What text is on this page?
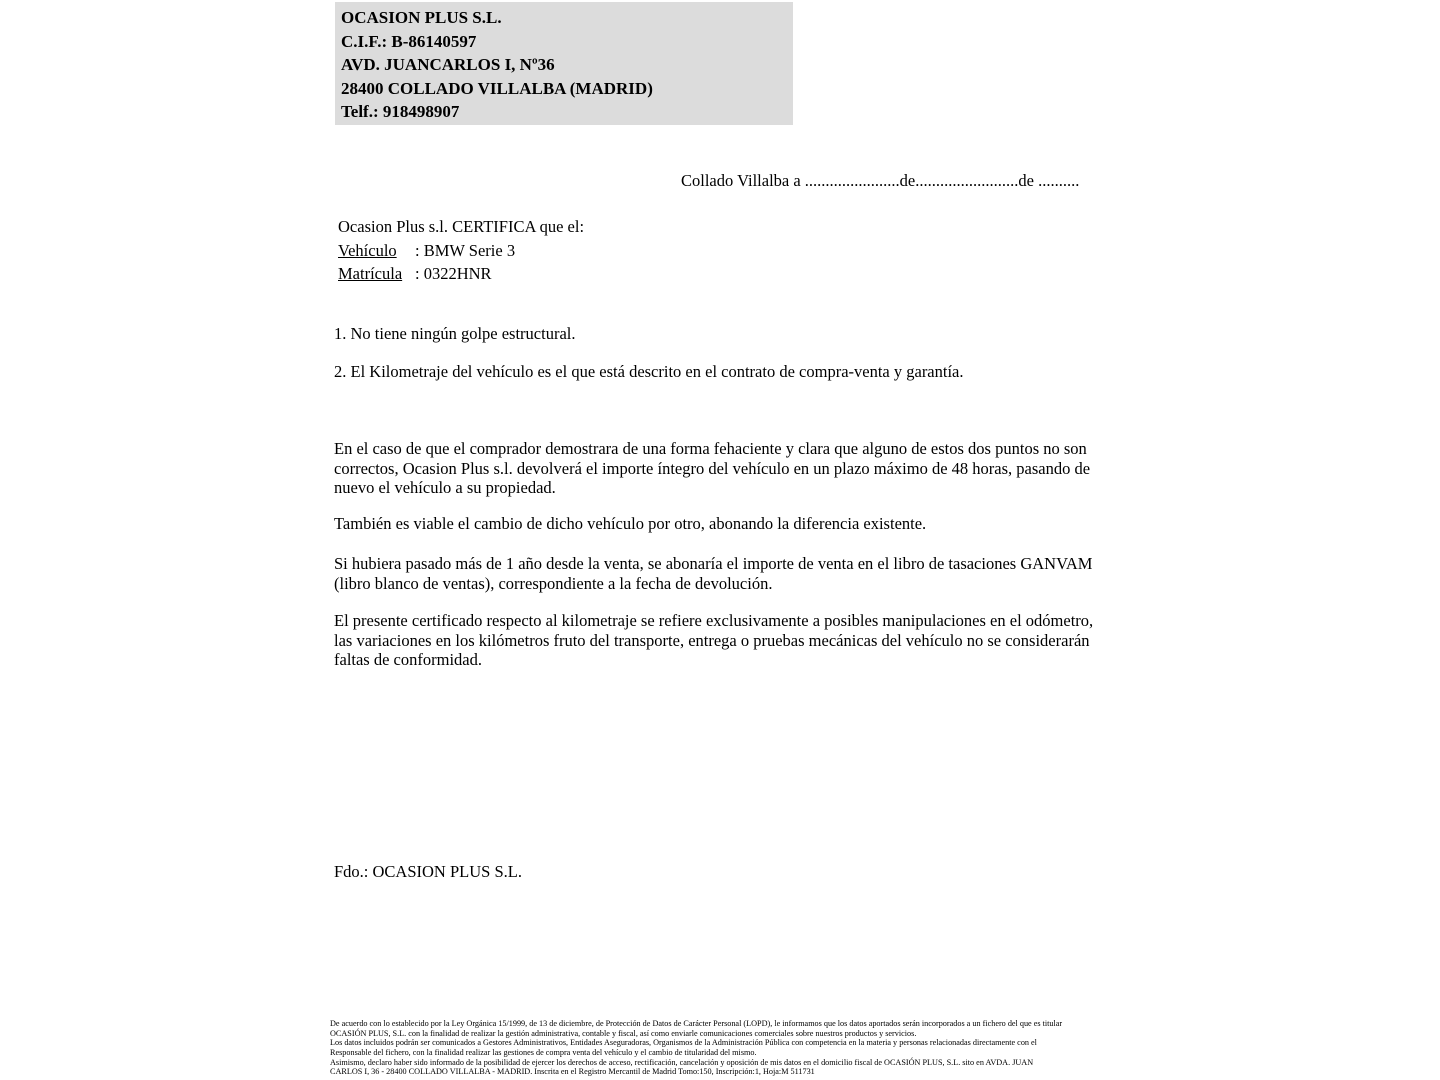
OCASION PLUS S.L.
C.I.F.: B-86140597
AVD. JUANCARLOS I, Nº36
28400 COLLADO VILLALBA (MADRID)
Telf.: 918498907
Collado Villalba a .......................de.........................de ..........
Ocasion Plus s.l. CERTIFICA que el:
Vehículo : BMW Serie 3
Matrícula : 0322HNR
1. No tiene ningún golpe estructural.
2. El Kilometraje del vehículo es el que está descrito en el contrato de compra-venta y garantía.
En el caso de que el comprador demostrara de una forma fehaciente y clara que alguno de estos dos puntos no son correctos, Ocasion Plus s.l. devolverá el importe íntegro del vehículo en un plazo máximo de 48 horas, pasando de nuevo el vehículo a su propiedad.
También es viable el cambio de dicho vehículo por otro, abonando la diferencia existente.
Si hubiera pasado más de 1 año desde la venta, se abonaría el importe de venta en el libro de tasaciones GANVAM (libro blanco de ventas), correspondiente a la fecha de devolución.
El presente certificado respecto al kilometraje se refiere exclusivamente a posibles manipulaciones en el odómetro, las variaciones en los kilómetros fruto del transporte, entrega o pruebas mecánicas del vehículo no se considerarán faltas de conformidad.
Fdo.: OCASION PLUS S.L.
De acuerdo con lo establecido por la Ley Orgánica 15/1999, de 13 de diciembre, de Protección de Datos de Carácter Personal (LOPD), le informamos que los datos aportados serán incorporados a un fichero del que es titular
OCASIÓN PLUS, S.L. con la finalidad de realizar la gestión administrativa, contable y fiscal, así como enviarle comunicaciones comerciales sobre nuestros productos y servicios.
Los datos incluidos podrán ser comunicados a Gestores Administrativos, Entidades Aseguradoras, Organismos de la Administración Pública con competencia en la materia y personas relacionadas directamente con el
Responsable del fichero, con la finalidad realizar las gestiones de compra venta del vehículo y el cambio de titularidad del mismo.
Asimismo, declaro haber sido informado de la posibilidad de ejercer los derechos de acceso, rectificación, cancelación y oposición de mis datos en el domicilio fiscal de OCASIÓN PLUS, S.L. sito en AVDA. JUAN
CARLOS I, 36 - 28400 COLLADO VILLALBA - MADRID. Inscrita en el Registro Mercantil de Madrid Tomo:150, Inscripción:1, Hoja:M 511731
